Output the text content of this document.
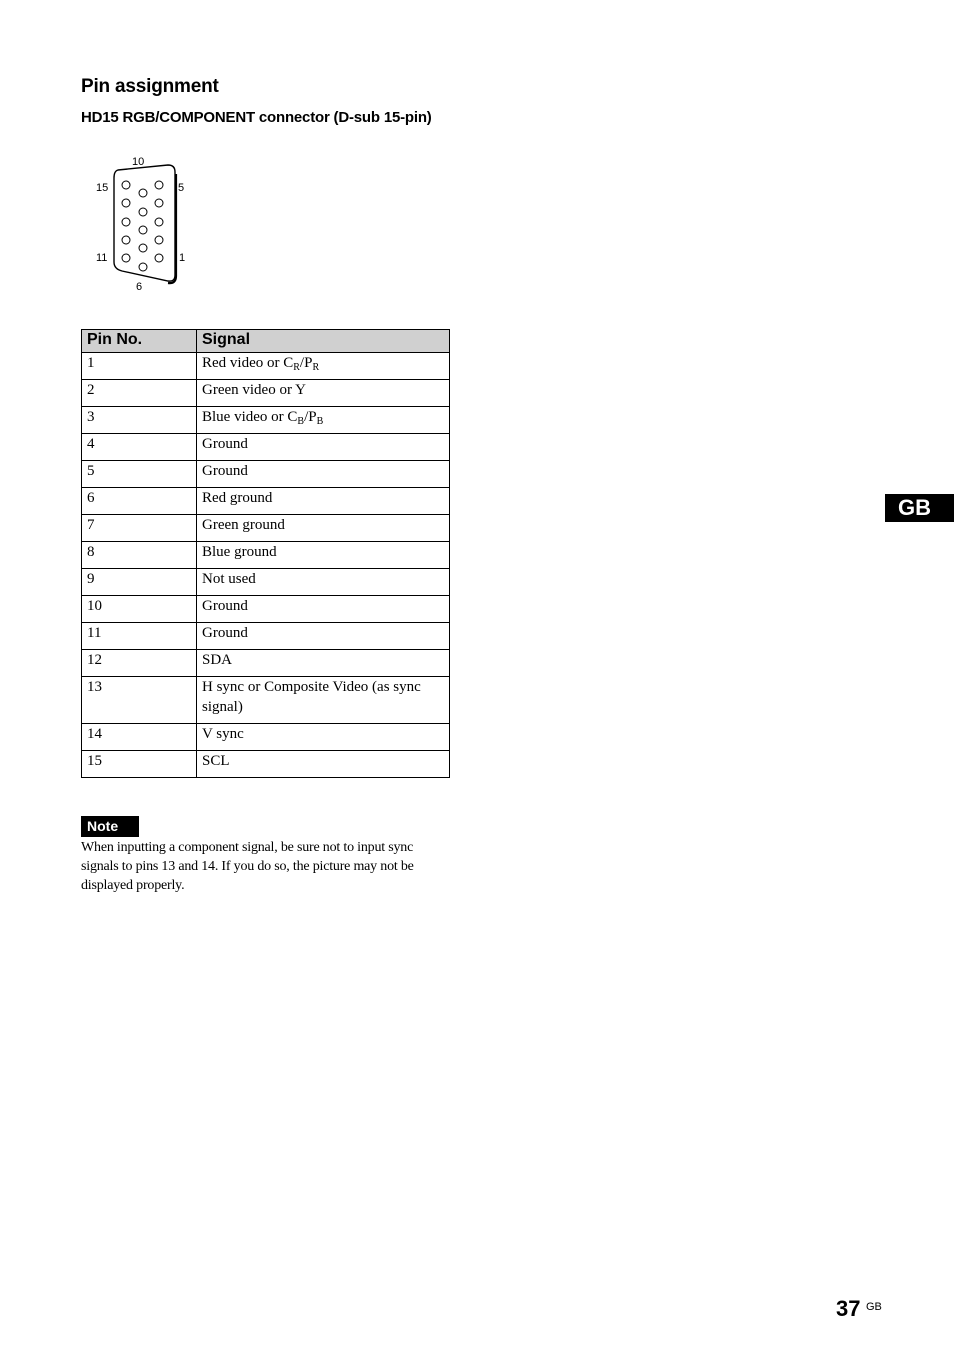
Pin assignment
HD15 RGB/COMPONENT connector (D-sub 15-pin)
10
15	5
11	1
6
Pin No.	Signal
1	Red video or $C_R/P_R$
2	Green video or Y
3	Blue video or $C_B/P_B$
4	Ground
5	Ground
6	Red ground
7	Green ground
8	Blue ground
9	Not used
10	Ground
11	Ground
12	SDA
13	H sync or Composite Video (as sync signal)
14	V sync
15	SCL
Note
When inputting a component signal, be sure not to input sync signals to pins 13 and 14. If you do so, the picture may not be displayed properly.
GB
37 GB
